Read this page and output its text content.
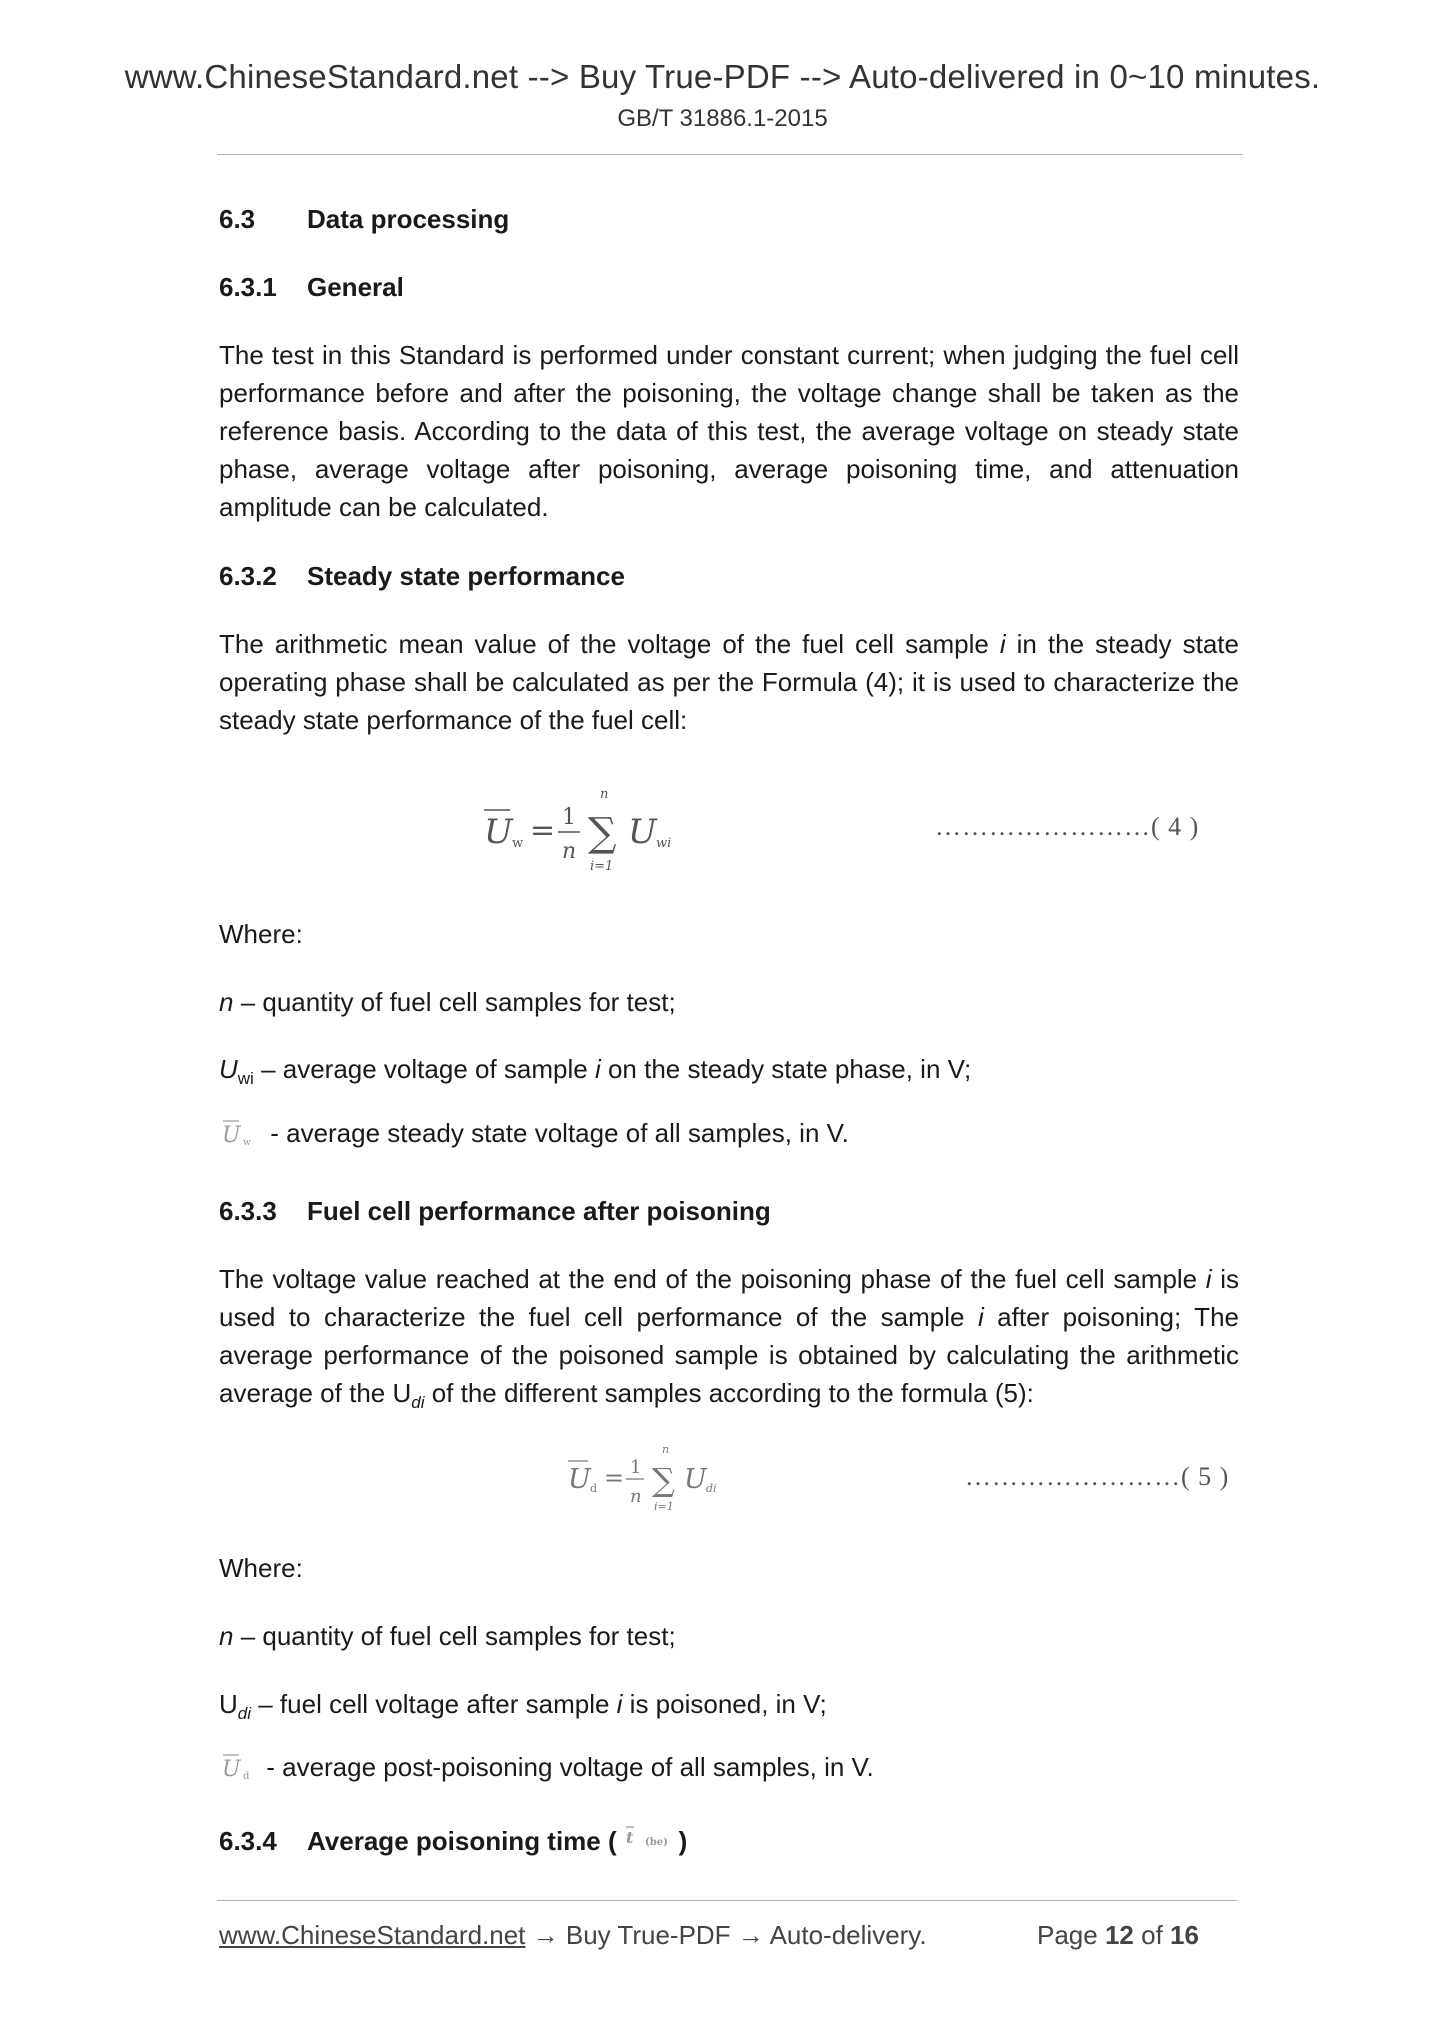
www.ChineseStandard.net --> Buy True-PDF --> Auto-delivered in 0~10 minutes.
GB/T 31886.1-2015
6.3 Data processing
6.3.1 General
The test in this Standard is performed under constant current; when judging the fuel cell performance before and after the poisoning, the voltage change shall be taken as the reference basis. According to the data of this test, the average voltage on steady state phase, average voltage after poisoning, average poisoning time, and attenuation amplitude can be calculated.
6.3.2 Steady state performance
The arithmetic mean value of the voltage of the fuel cell sample i in the steady state operating phase shall be calculated as per the Formula (4); it is used to characterize the steady state performance of the fuel cell:
U w = 1
n
n
∑
i=1
U wi
……………………( 4 )
Where:
n – quantity of fuel cell samples for test;
$U_{wi}$ – average voltage of sample i on the steady state phase, in V;
U w - average steady state voltage of all samples, in V.
6.3.3 Fuel cell performance after poisoning
The voltage value reached at the end of the poisoning phase of the fuel cell sample i is used to characterize the fuel cell performance of the sample i after poisoning; The average performance of the poisoned sample is obtained by calculating the arithmetic average of the $U_{di}$ of the different samples according to the formula (5):
U d = 1
n
n
∑
i=1
U di	……………………( 5 )
Where:
n – quantity of fuel cell samples for test;
$U_{di}$ – fuel cell voltage after sample i is poisoned, in V;
U d - average post-poisoning voltage of all samples, in V.
6.3.4 Average poisoning time ( t (be) )
www.ChineseStandard.net → Buy True-PDF → Auto-delivery.	Page 12 of 16
